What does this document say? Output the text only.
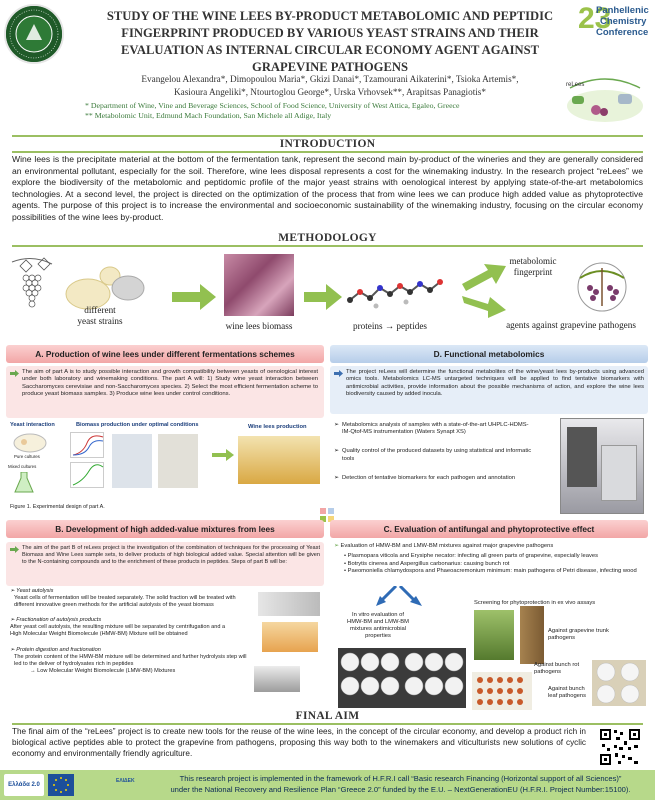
STUDY OF THE WINE LEES BY-PRODUCT METABOLOMIC AND PEPTIDIC FINGERPRINT PRODUCED BY VARIOUS YEAST STRAINS AND THEIR EVALUATION AS INTERNAL CIRCULAR ECONOMY AGENT AGAINST GRAPEVINE PATHOGENS
23
Panhellenic
Chemistry
Conference
reLees
Evangelou Alexandra*, Dimopoulou Maria*, Gkizi Danai*, Tzamourani Aikaterini*, Tsioka Artemis*,
Kasioura Angeliki*, Ntourtoglou George*, Urska Vrhovsek**, Arapitsas Panagiotis*
* Department of Wine, Vine and Beverage Sciences, School of Food Science, University of West Attica, Egaleo, Greece
** Metabolomic Unit, Edmund Mach Foundation, San Michele all Adige, Italy
INTRODUCTION
Wine lees is the precipitate material at the bottom of the fermentation tank, represent the second main by-product of the wineries and they are generally considered an environmental pollutant, especially for the soil. Therefore, wine lees disposal represents a cost for the winemaking industry. In the research project “reLees” we explore the biodiversity of the metabolomic and peptidomic profile of the major yeast strains with oenological interest by applying state-of-the-art metabolomics technologies. At a second level, the project is directed on the optimization of the process that from wine lees we can produce high added value as phytoprotective agents. The purpose of this project is to increase the environmental and socioeconomic sustainability of the winemaking industry, focusing on the circular economy possibilities of the wine lees by-product.
METHODOLOGY
different
yeast strains	wine lees biomass	proteins → peptides
metabolomic
fingerprint
agents against grapevine pathogens
A. Production of wine lees under different fermentations schemes
The aim of part A is to study possible interaction and growth compatibility between yeasts of oenological interest under both laboratory and winemaking conditions. The part A will: 1) Study wine yeast interaction between Saccharomyces cerevisiae and non-Saccharomyces species. 2) Select the most efficient fermentation scheme to produce yeast biomass samples. 3) Produce wine lees under control conditions.
Yeast interaction
Pure cultures
Mixed cultures
Biomass production under optimal conditions	Wine lees production
Figure 1. Experimental design of part A.
D. Functional metabolomics
The project reLees will determine the functional metabolites of the wine/yeast lees by-products using advanced omics tools. Metabolomics LC-MS untargeted techniques will be applied to find tentative biomarkers with antimicrobial activities, provide information about the possible mechanisms of action, and explore the wine lees biodiversity caused by added inocula.
➢ Metabolomics analysis of samples with a state-of-the-art UHPLC-HDMS-IM-Qtof-MS instrumentation (Waters Synapt XS)
➢ Quality control of the produced datasets by using statistical and informatic tools
➢ Detection of tentative biomarkers for each pathogen and annotation
B. Development of high added-value mixtures from lees
The aim of the part B of reLees project is the investigation of the combination of techniques for the processing of Yeast Biomass and Wine Lees sample sets, to deliver products of high biological added value. Special attention will be given to the N-containing compounds and to the enrichment of these products in peptides. Steps of part B will be:
➢ Yeast autolysis
Yeast cells of fermentation will be treated separately. The solid fraction will be treated with different innovative green methods for the artificial autolysis of the yeast biomass
➢ Fractionation of autolysis products
After yeast cell autolysis, the resulting mixture will be separated by centrifugation and a High Molecular Weight Biomolecule (HMW-BM) Mixture will be obtained
➢ Protein digestion and fractionation
The protein content of the HMW-BM mixture will be determined and further hydrolysis step will led to the deliver of hydrolysates rich in peptides
→ Low Molecular Weight Biomolecule (LMW-BM) Mixtures
C. Evaluation of antifungal and phytoprotective effect
➢ Evaluation of HMW-BM and LMW-BM mixtures against major grapevine pathogens
• Plasmopara viticola and Erysiphe necator: infecting all green parts of grapevine, especially leaves
• Botrytis cinerea and Aspergillus carbonarius: causing bunch rot
• Paeomoniella chlamydospora and Phaeoacremonium minimum: main pathogens of Petri disease, infecting wood
Screening for phytoprotection in ex vivo assays
In vitro evaluation of HMW-BM and LMW-BM mixtures antimicrobial properties
Against grapevine trunk pathogens
Against bunch rot pathogens
Against bunch leaf pathogens
FINAL AIM
The final aim of the “reLees” project is to create new tools for the reuse of the wine lees, in the concept of the circular economy, and develop a product rich in biological active peptides able to protect the grapevine from pathogens, proposing this way both to the winemakers and viticulturists new solutions of cyclic economy and environmentally friendly agriculture.
Ελλάδα 2.0
ΕΛΙΔΕΚ	This research project is implemented in the framework of H.F.R.I call “Basic research Financing (Horizontal support of all Sciences)”
under the National Recovery and Resilience Plan “Greece 2.0” funded by the E.U. – NextGenerationEU (H.F.R.I. Project Number:15100).
